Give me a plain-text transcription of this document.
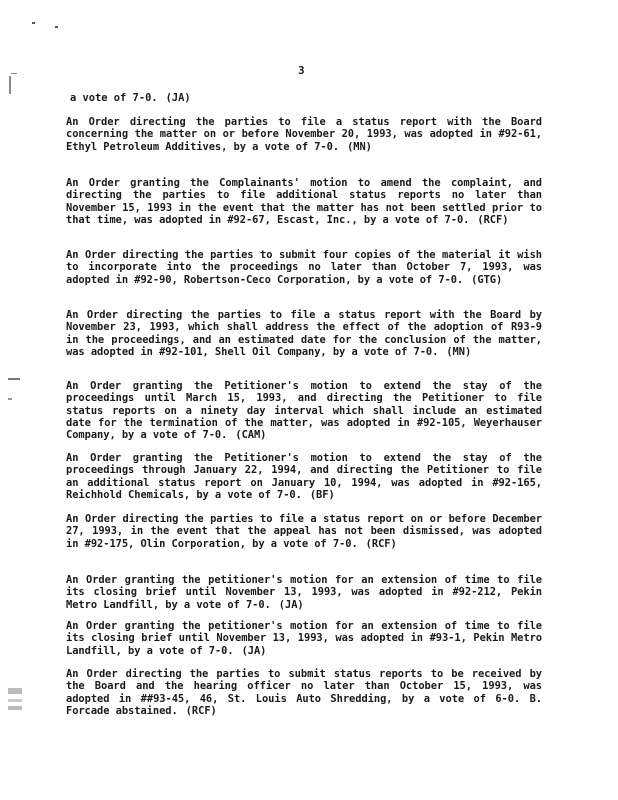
3
a vote of 7-0. (JA)

An Order directing the parties to file a status report with the Board concerning the matter on or before November 20, 1993, was adopted in #92-61, Ethyl Petroleum Additives, by a vote of 7-0. (MN)

An Order granting the Complainants' motion to amend the complaint, and directing the parties to file additional status reports no later than November 15, 1993 in the event that the matter has not been settled prior to that time, was adopted in #92-67, Escast, Inc., by a vote of 7-0. (RCF)

An Order directing the parties to submit four copies of the material it wish to incorporate into the proceedings no later than October 7, 1993, was adopted in #92-90, Robertson-Ceco Corporation, by a vote of 7-0. (GTG)

An Order directing the parties to file a status report with the Board by November 23, 1993, which shall address the effect of the adoption of R93-9 in the proceedings, and an estimated date for the conclusion of the matter, was adopted in #92-101, Shell Oil Company, by a vote of 7-0. (MN)

An Order granting the Petitioner's motion to extend the stay of the proceedings until March 15, 1993, and directing the Petitioner to file status reports on a ninety day interval which shall include an estimated date for the termination of the matter, was adopted in #92-105, Weyerhauser Company, by a vote of 7-0. (CAM)

An Order granting the Petitioner's motion to extend the stay of the proceedings through January 22, 1994, and directing the Petitioner to file an additional status report on January 10, 1994, was adopted in #92-165, Reichhold Chemicals, by a vote of 7-0. (BF)

An Order directing the parties to file a status report on or before December 27, 1993, in the event that the appeal has not been dismissed, was adopted in #92-175, Olin Corporation, by a vote of 7-0. (RCF)

An Order granting the petitioner's motion for an extension of time to file its closing brief until November 13, 1993, was adopted in #92-212, Pekin Metro Landfill, by a vote of 7-0. (JA)

An Order granting the petitioner's motion for an extension of time to file its closing brief until November 13, 1993, was adopted in #93-1, Pekin Metro Landfill, by a vote of 7-0. (JA)

An Order directing the parties to submit status reports to be received by the Board and the hearing officer no later than October 15, 1993, was adopted in ##93-45, 46, St. Louis Auto Shredding, by a vote of 6-0. B. Forcade abstained. (RCF)
